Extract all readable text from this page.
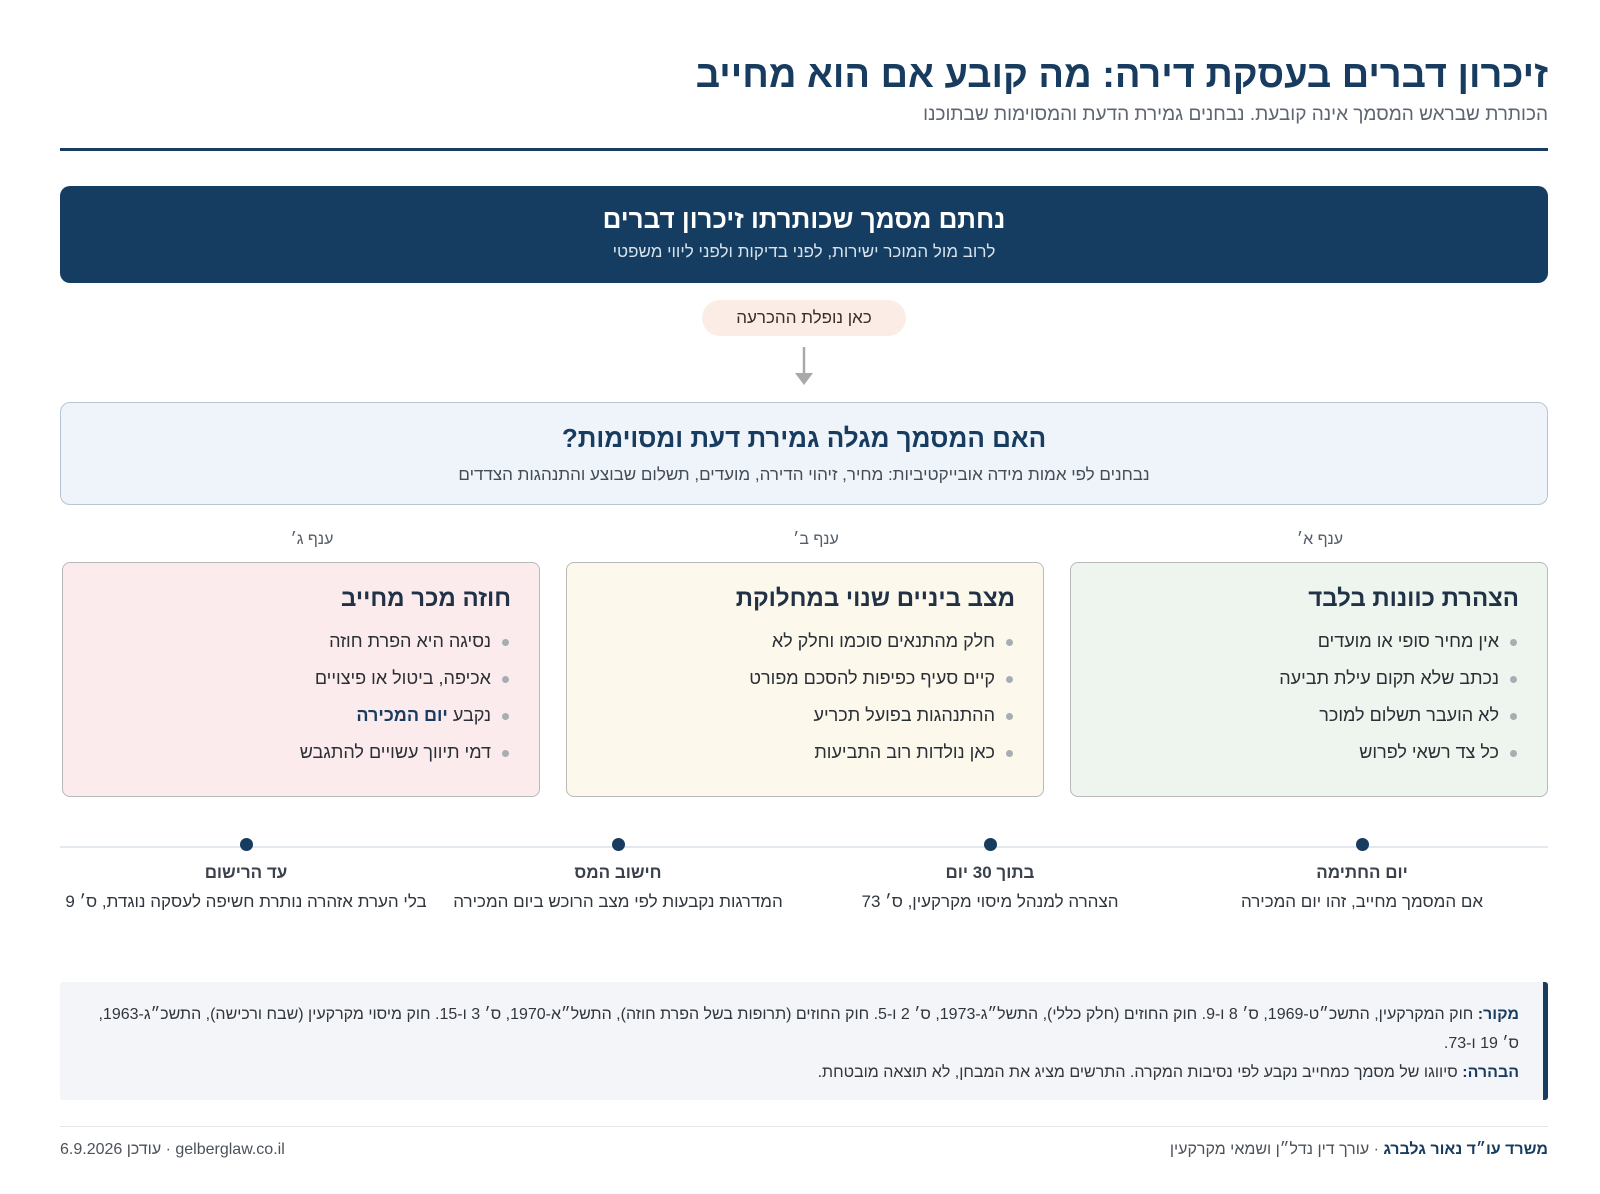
זיכרון דברים בעסקת דירה: מה קובע אם הוא מחייב
הכותרת שבראש המסמך אינה קובעת. נבחנים גמירת הדעת והמסוימות שבתוכנו
נחתם מסמך שכותרתו זיכרון דברים
לרוב מול המוכר ישירות, לפני בדיקות ולפני ליווי משפטי
כאן נופלת ההכרעה
האם המסמך מגלה גמירת דעת ומסוימות?
נבחנים לפי אמות מידה אובייקטיביות: מחיר, זיהוי הדירה, מועדים, תשלום שבוצע והתנהגות הצדדים
ענף א׳
ענף ב׳
ענף ג׳
הצהרת כוונות בלבד
אין מחיר סופי או מועדים
נכתב שלא תקום עילת תביעה
לא הועבר תשלום למוכר
כל צד רשאי לפרוש
מצב ביניים שנוי במחלוקת
חלק מהתנאים סוכמו וחלק לא
קיים סעיף כפיפות להסכם מפורט
ההתנהגות בפועל תכריע
כאן נולדות רוב התביעות
חוזה מכר מחייב
נסיגה היא הפרת חוזה
אכיפה, ביטול או פיצויים
נקבע יום המכירה
דמי תיווך עשויים להתגבש
יום החתימה
אם המסמך מחייב, זהו יום המכירה
בתוך 30 יום
הצהרה למנהל מיסוי מקרקעין, ס׳ 73
חישוב המס
המדרגות נקבעות לפי מצב הרוכש ביום המכירה
עד הרישום
בלי הערת אזהרה נותרת חשיפה לעסקה נוגדת, ס׳ 9
מקור: חוק המקרקעין, התשכ״ט-1969, ס׳ 8 ו-9. חוק החוזים (חלק כללי), התשל״ג-1973, ס׳ 2 ו-5. חוק החוזים (תרופות בשל הפרת חוזה), התשל״א-1970, ס׳ 3 ו-15. חוק מיסוי מקרקעין (שבח ורכישה), התשכ״ג-1963, ס׳ 19 ו-73.
הבהרה: סיווגו של מסמך כמחייב נקבע לפי נסיבות המקרה. התרשים מציג את המבחן, לא תוצאה מובטחת.
משרד עו״ד נאור גלברג · עורך דין נדל״ן ושמאי מקרקעין
gelberglaw.co.il · עודכן 6.9.2026
